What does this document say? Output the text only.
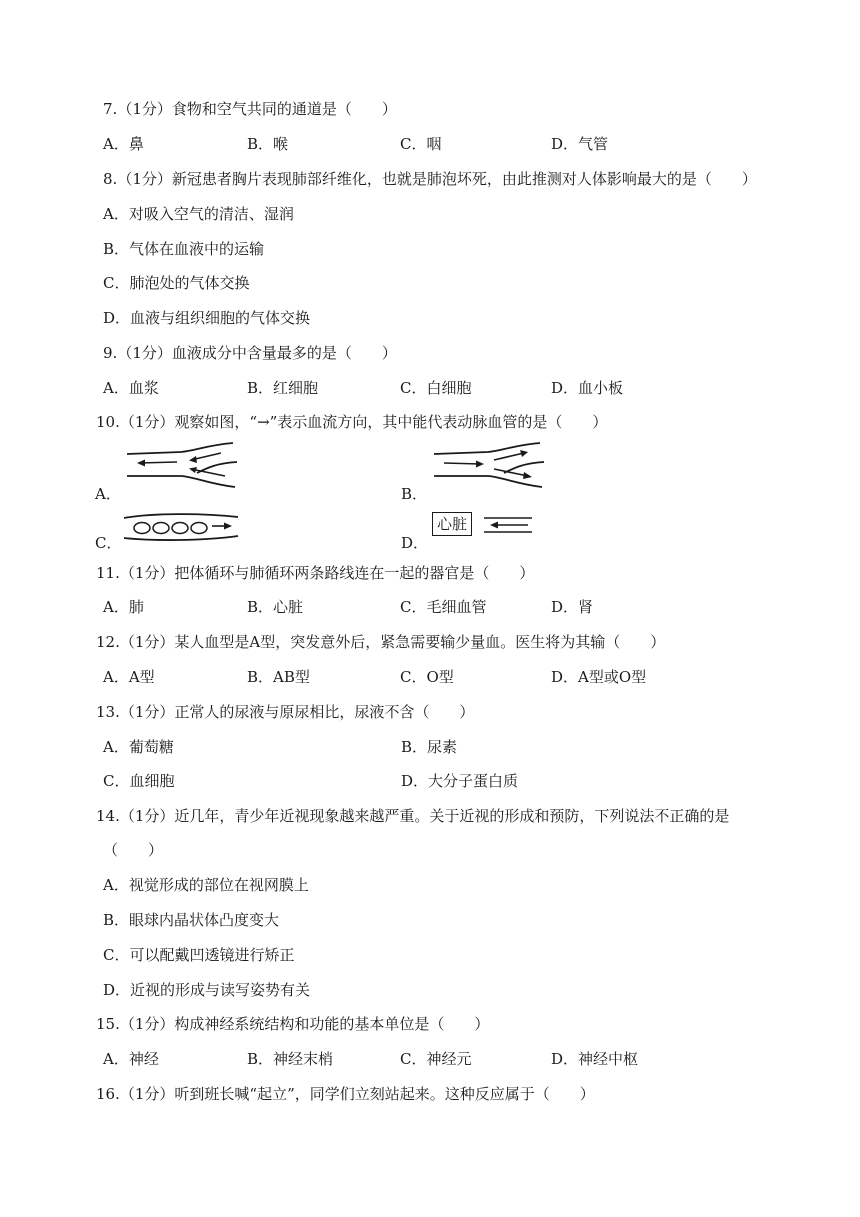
7.（1分）食物和空气共同的通道是（　　）
A．鼻	B．喉	C．咽	D．气管
8.（1分）新冠患者胸片表现肺部纤维化，也就是肺泡坏死，由此推测对人体影响最大的是（　　）
A．对吸入空气的清洁、湿润
B．气体在血液中的运输
C．肺泡处的气体交换
D．血液与组织细胞的气体交换
9.（1分）血液成分中含量最多的是（　　）
A．血浆	B．红细胞	C．白细胞	D．血小板
10.（1分）观察如图，“→”表示血流方向，其中能代表动脉血管的是（　　）
A．	B．
C．
心脏
D．
11.（1分）把体循环与肺循环两条路线连在一起的器官是（　　）
A．肺	B．心脏	C．毛细血管	D．肾
12.（1分）某人血型是A型，突发意外后，紧急需要输少量血。医生将为其输（　　）
A．A型	B．AB型	C．O型	D．A型或O型
13.（1分）正常人的尿液与原尿相比，尿液不含（　　）
A．葡萄糖	B．尿素
C．血细胞	D．大分子蛋白质
14.（1分）近几年，青少年近视现象越来越严重。关于近视的形成和预防，下列说法不正确的是
（　　）
A．视觉形成的部位在视网膜上
B．眼球内晶状体凸度变大
C．可以配戴凹透镜进行矫正
D．近视的形成与读写姿势有关
15.（1分）构成神经系统结构和功能的基本单位是（　　）
A．神经	B．神经末梢	C．神经元	D．神经中枢
16.（1分）听到班长喊“起立”，同学们立刻站起来。这种反应属于（　　）
